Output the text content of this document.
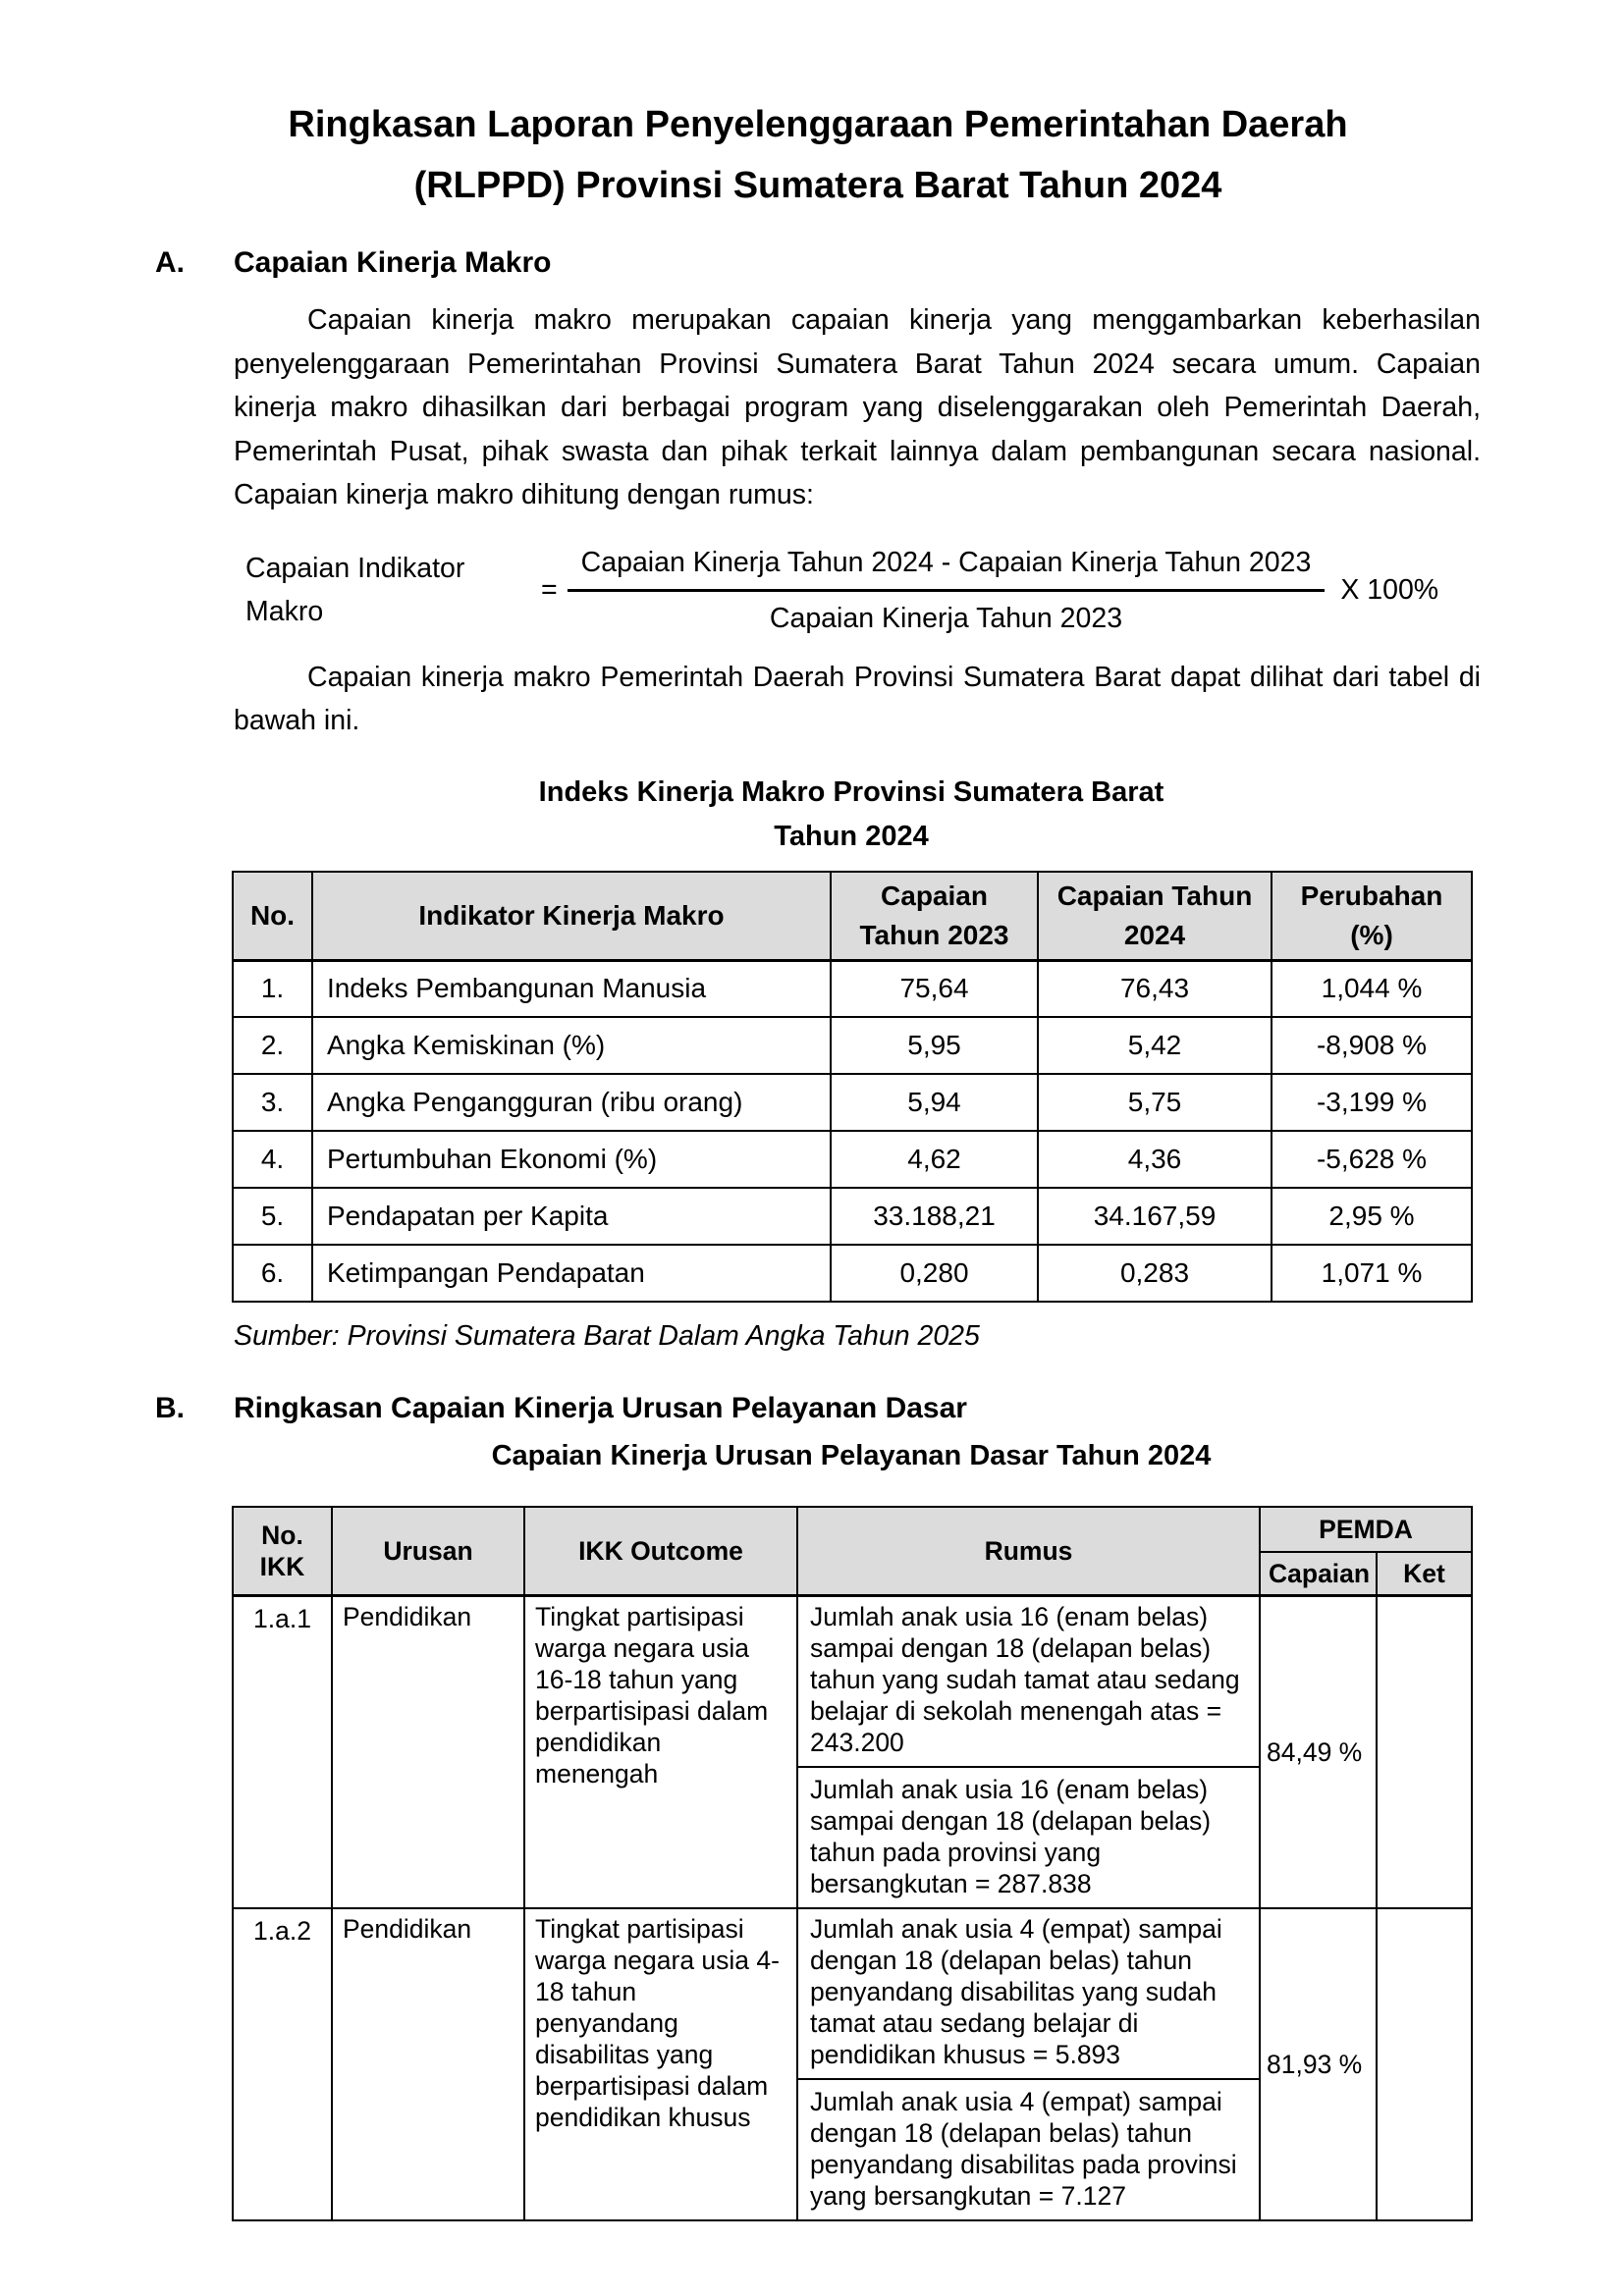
Ringkasan Laporan Penyelenggaraan Pemerintahan Daerah
(RLPPD) Provinsi Sumatera Barat Tahun 2024
A.	Capaian Kinerja Makro

Capaian kinerja makro merupakan capaian kinerja yang menggambarkan keberhasilan penyelenggaraan Pemerintahan Provinsi Sumatera Barat Tahun 2024 secara umum. Capaian kinerja makro dihasilkan dari berbagai program yang diselenggarakan oleh Pemerintah Daerah, Pemerintah Pusat, pihak swasta dan pihak terkait lainnya dalam pembangunan secara nasional. Capaian kinerja makro dihitung dengan rumus:

Capaian Indikator Makro
= $\frac{\text{Capaian Kinerja Tahun 2024 - Capaian Kinerja Tahun 2023}}{\text{Capaian Kinerja Tahun 2023}}$ X 100%

Capaian kinerja makro Pemerintah Daerah Provinsi Sumatera Barat dapat dilihat dari tabel di bawah ini.

Indeks Kinerja Makro Provinsi Sumatera Barat
Tahun 2024
No.	Indikator Kinerja Makro	Capaian Tahun 2023	Capaian Tahun 2024	Perubahan (%)
1.	Indeks Pembangunan Manusia	75,64	76,43	1,044 %
2.	Angka Kemiskinan (%)	5,95	5,42	-8,908 %
3.	Angka Pengangguran (ribu orang)	5,94	5,75	-3,199 %
4.	Pertumbuhan Ekonomi (%)	4,62	4,36	-5,628 %
5.	Pendapatan per Kapita	33.188,21	34.167,59	2,95 %
6.	Ketimpangan Pendapatan	0,280	0,283	1,071 %
Sumber: Provinsi Sumatera Barat Dalam Angka Tahun 2025
B.	Ringkasan Capaian Kinerja Urusan Pelayanan Dasar
Capaian Kinerja Urusan Pelayanan Dasar Tahun 2024
No. IKK	Urusan	IKK Outcome	Rumus	PEMDA	
				Capaian	Ket
1.a.1	Pendidikan	Tingkat partisipasi warga negara usia 16-18 tahun yang berpartisipasi dalam pendidikan menengah	Jumlah anak usia 16 (enam belas) sampai dengan 18 (delapan belas) tahun yang sudah tamat atau sedang belajar di sekolah menengah atas = 243.200
Jumlah anak usia 16 (enam belas) sampai dengan 18 (delapan belas) tahun pada provinsi yang bersangkutan = 287.838	84,49 %	
1.a.2	Pendidikan	Tingkat partisipasi warga negara usia 4-18 tahun penyandang disabilitas yang berpartisipasi dalam pendidikan khusus	Jumlah anak usia 4 (empat) sampai dengan 18 (delapan belas) tahun penyandang disabilitas yang sudah tamat atau sedang belajar di pendidikan khusus = 5.893
Jumlah anak usia 4 (empat) sampai dengan 18 (delapan belas) tahun penyandang disabilitas pada provinsi yang bersangkutan = 7.127	81,93 %	
